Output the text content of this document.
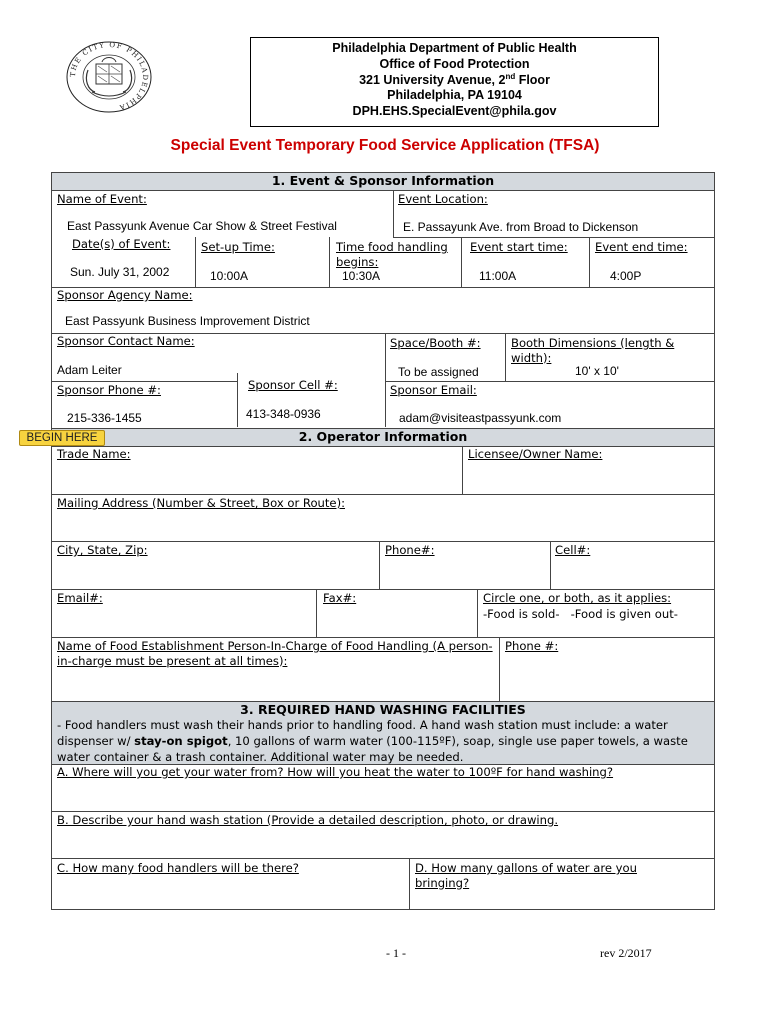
THE CITY OF PHILADELPHIA
Philadelphia Department of Public Health
Office of Food Protection
321 University Avenue, 2nd Floor
Philadelphia, PA 19104
DPH.EHS.SpecialEvent@phila.gov
Special Event Temporary Food Service Application (TFSA)
1. Event & Sponsor Information
Name of Event:
East Passyunk Avenue Car Show & Street Festival
Event Location:
E. Passayunk Ave. from Broad to Dickenson
Date(s) of Event:
Sun. July 31, 2002
Set-up Time:
10:00A
Time food handling begins:
10:30A
Event start time:
11:00A
Event end time:
4:00P
Sponsor Agency Name:
East Passyunk Business Improvement District
Sponsor Contact Name:
Adam Leiter
Space/Booth #:
To be assigned
Booth Dimensions (length & width):
10' x 10'
Sponsor Phone #:
215-336-1455
Sponsor Cell #:
413-348-0936
Sponsor Email:
adam@visiteastpassyunk.com
2. Operator Information
Trade Name:	Licensee/Owner Name:
Mailing Address (Number & Street, Box or Route):
City, State, Zip:	Phone#:	Cell#:
Email#:	Fax#:	Circle one, or both, as it applies:
-Food is sold-   -Food is given out-
Name of Food Establishment Person-In-Charge of Food Handling (A person-in-charge must be present at all times):
Phone #:
3. REQUIRED HAND WASHING FACILITIES
- Food handlers must wash their hands prior to handling food. A hand wash station must include: a water dispenser w/ stay-on spigot, 10 gallons of warm water (100-115ºF), soap, single use paper towels, a waste water container & a trash container. Additional water may be needed.
A. Where will you get your water from? How will you heat the water to 100ºF for hand washing?
B. Describe your hand wash station (Provide a detailed description, photo, or drawing.
C. How many food handlers will be there?	D. How many gallons of water are you bringing?
BEGIN HERE
- 1 -	rev 2/2017
